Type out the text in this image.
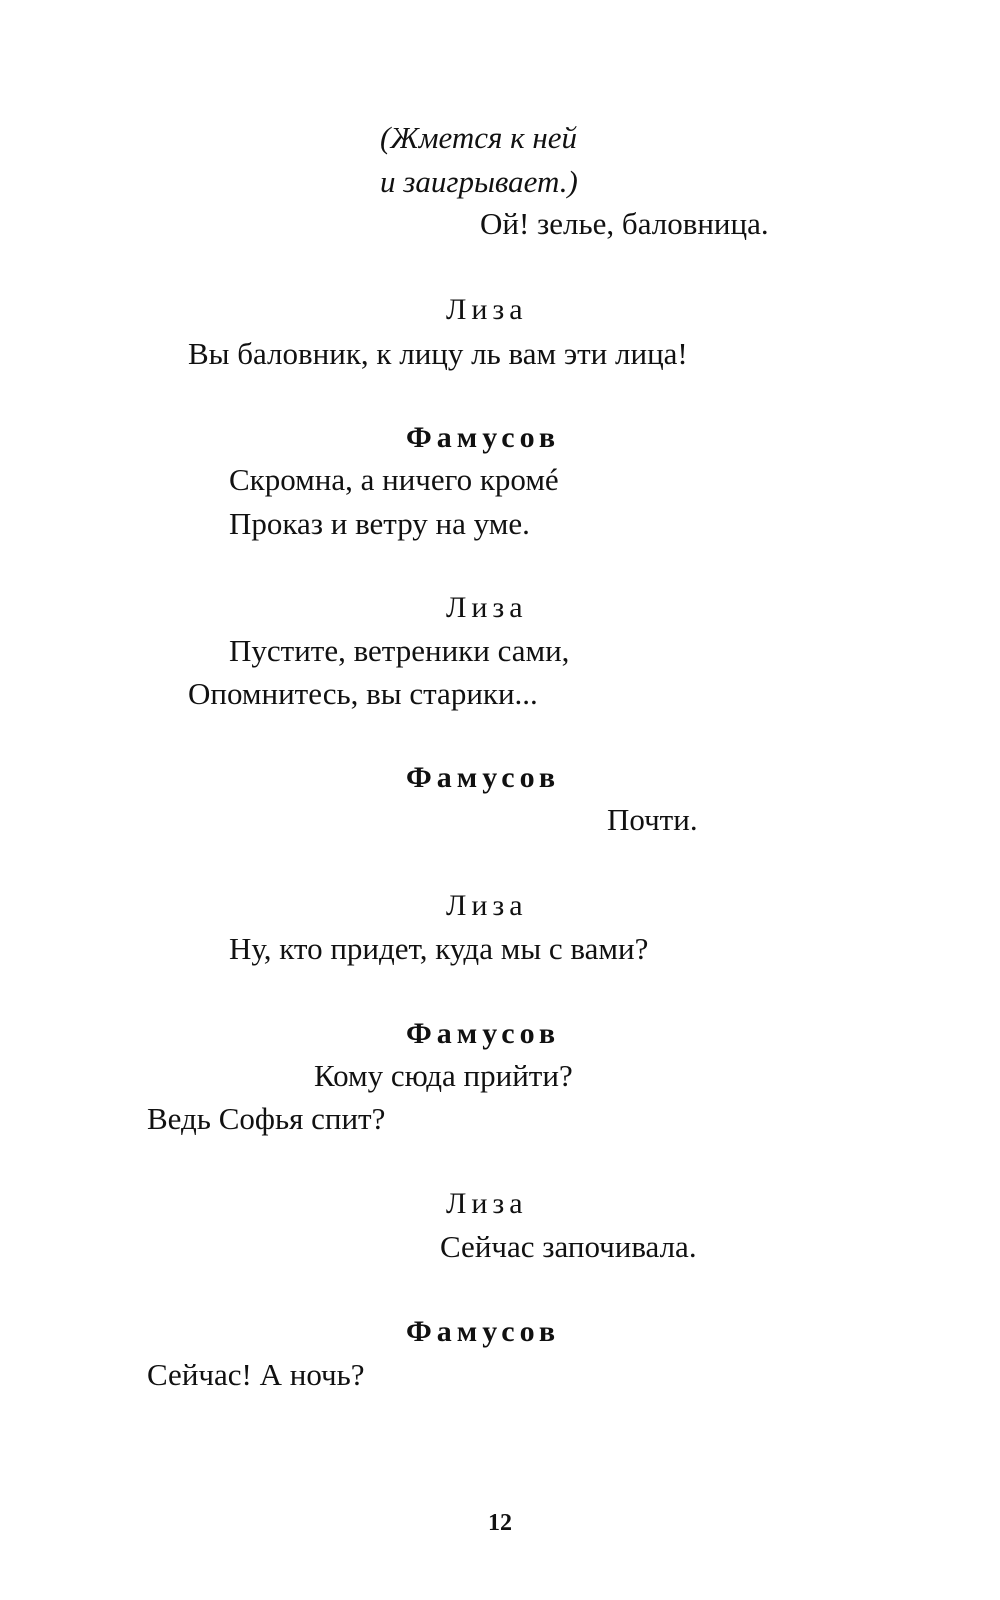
(Жмется к ней
и заигрывает.)
Ой! зелье, баловница.
Лиза
Вы баловник, к лицу ль вам эти лица!
Фамусов
Скромна, а ничего кромé
Проказ и ветру на уме.
Лиза
Пустите, ветреники сами,
Опомнитесь, вы старики...
Фамусов
Почти.
Лиза
Ну, кто придет, куда мы с вами?
Фамусов
Кому сюда прийти?
Ведь Софья спит?
Лиза
Сейчас започивала.
Фамусов
Сейчас! А ночь?
12
